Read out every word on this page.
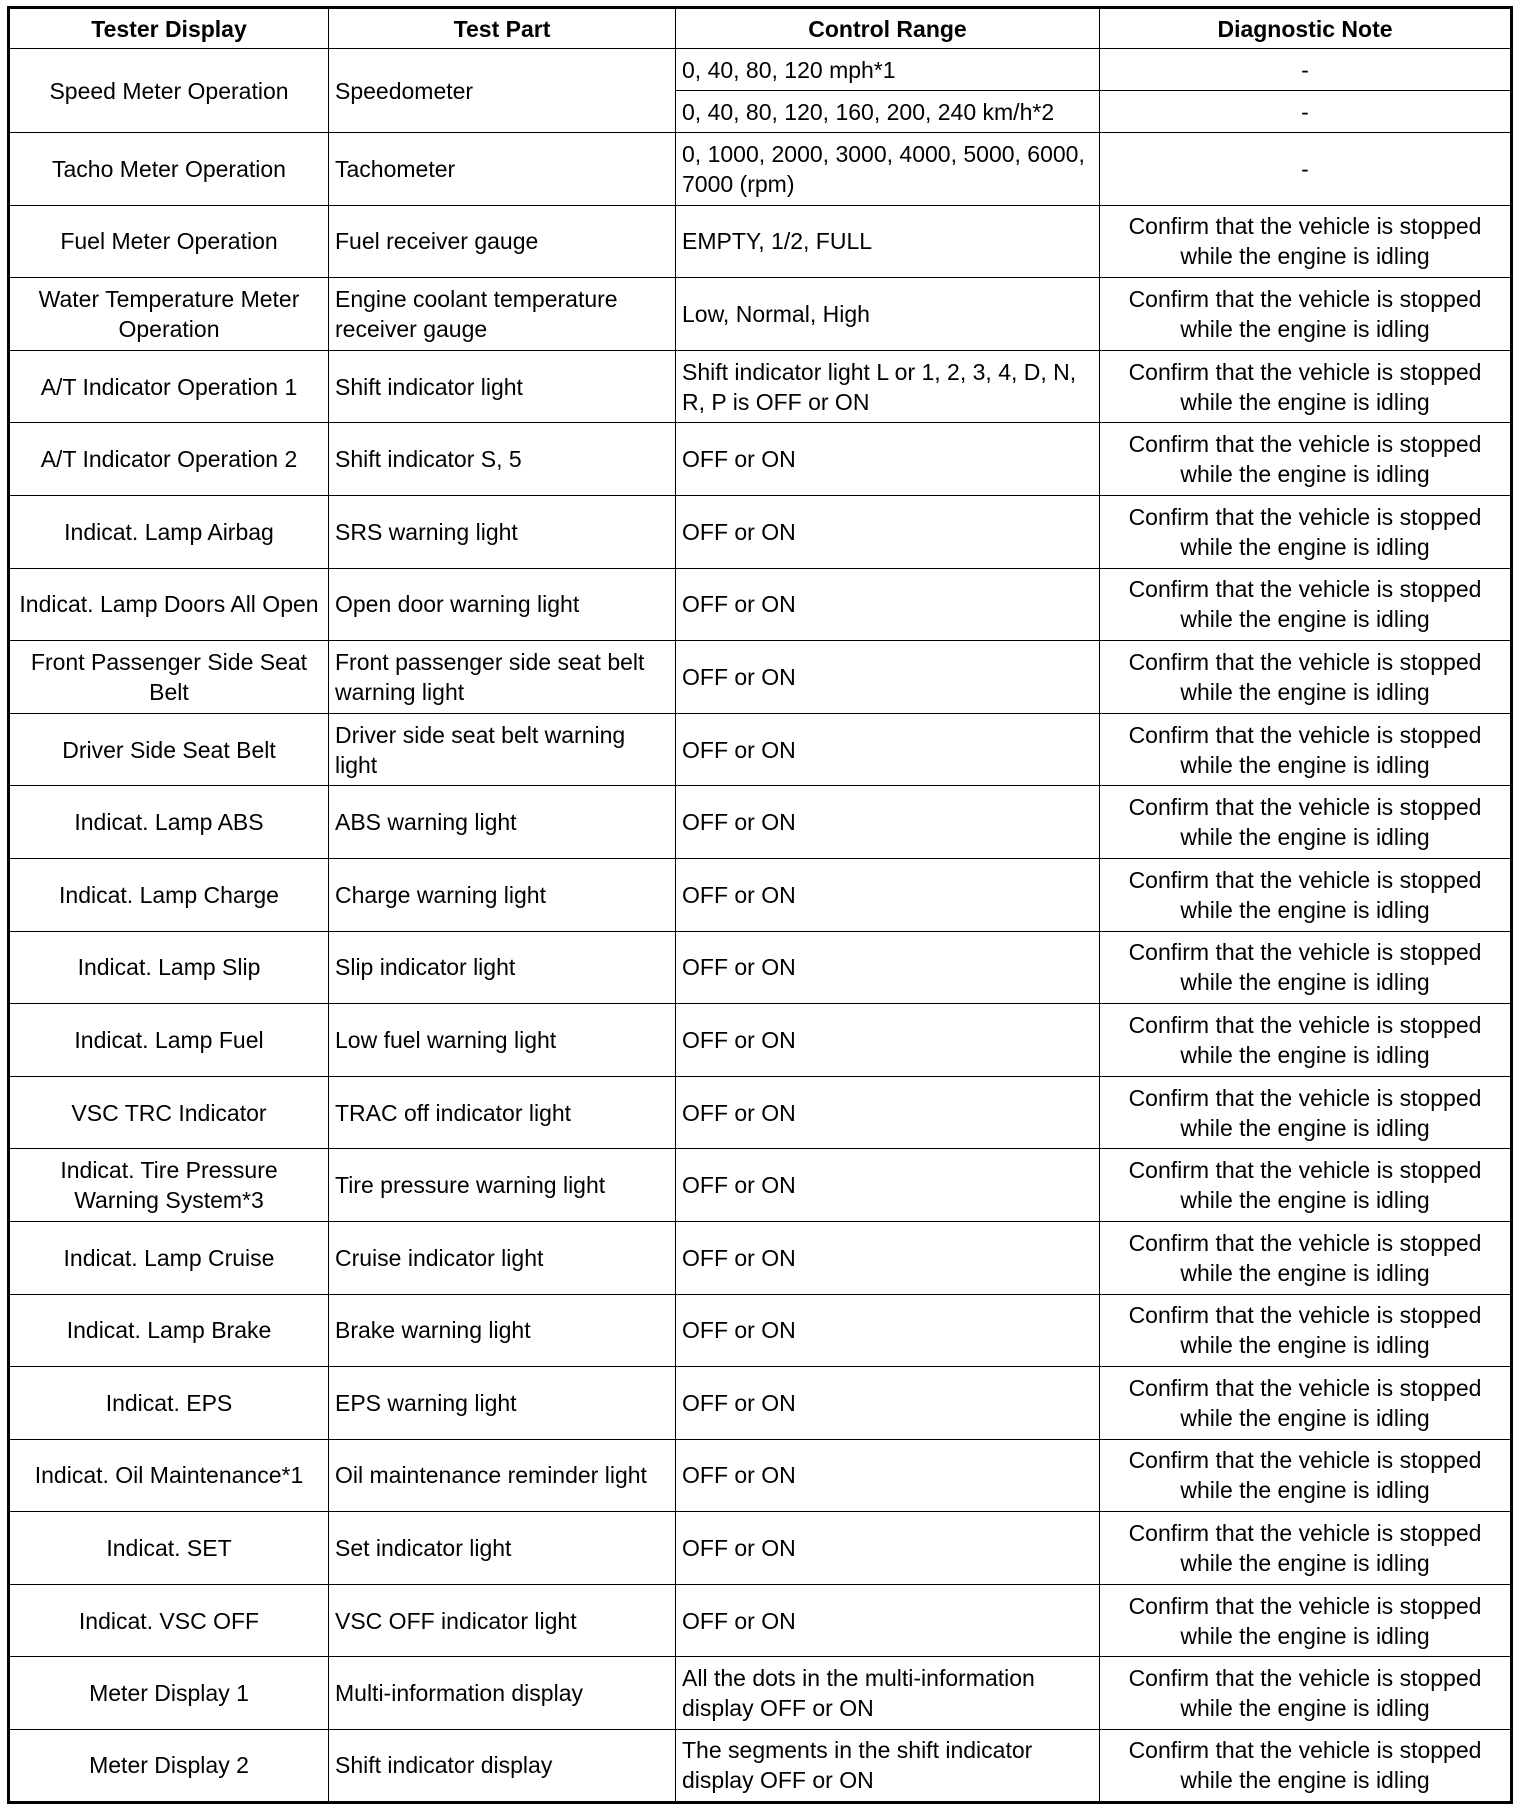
Tester Display	Test Part	Control Range	Diagnostic Note
Speed Meter Operation	Speedometer	0, 40, 80, 120 mph*1	-
		0, 40, 80, 120, 160, 200, 240 km/h*2	-
Tacho Meter Operation	Tachometer	0, 1000, 2000, 3000, 4000, 5000, 6000, 7000 (rpm)	-
Fuel Meter Operation	Fuel receiver gauge	EMPTY, 1/2, FULL	Confirm that the vehicle is stopped while the engine is idling
Water Temperature Meter Operation	Engine coolant temperature receiver gauge	Low, Normal, High	Confirm that the vehicle is stopped while the engine is idling
A/T Indicator Operation 1	Shift indicator light	Shift indicator light L or 1, 2, 3, 4, D, N, R, P is OFF or ON	Confirm that the vehicle is stopped while the engine is idling
A/T Indicator Operation 2	Shift indicator S, 5	OFF or ON	Confirm that the vehicle is stopped while the engine is idling
Indicat. Lamp Airbag	SRS warning light	OFF or ON	Confirm that the vehicle is stopped while the engine is idling
Indicat. Lamp Doors All Open	Open door warning light	OFF or ON	Confirm that the vehicle is stopped while the engine is idling
Front Passenger Side Seat Belt	Front passenger side seat belt warning light	OFF or ON	Confirm that the vehicle is stopped while the engine is idling
Driver Side Seat Belt	Driver side seat belt warning light	OFF or ON	Confirm that the vehicle is stopped while the engine is idling
Indicat. Lamp ABS	ABS warning light	OFF or ON	Confirm that the vehicle is stopped while the engine is idling
Indicat. Lamp Charge	Charge warning light	OFF or ON	Confirm that the vehicle is stopped while the engine is idling
Indicat. Lamp Slip	Slip indicator light	OFF or ON	Confirm that the vehicle is stopped while the engine is idling
Indicat. Lamp Fuel	Low fuel warning light	OFF or ON	Confirm that the vehicle is stopped while the engine is idling
VSC TRC Indicator	TRAC off indicator light	OFF or ON	Confirm that the vehicle is stopped while the engine is idling
Indicat. Tire Pressure Warning System*3	Tire pressure warning light	OFF or ON	Confirm that the vehicle is stopped while the engine is idling
Indicat. Lamp Cruise	Cruise indicator light	OFF or ON	Confirm that the vehicle is stopped while the engine is idling
Indicat. Lamp Brake	Brake warning light	OFF or ON	Confirm that the vehicle is stopped while the engine is idling
Indicat. EPS	EPS warning light	OFF or ON	Confirm that the vehicle is stopped while the engine is idling
Indicat. Oil Maintenance*1	Oil maintenance reminder light	OFF or ON	Confirm that the vehicle is stopped while the engine is idling
Indicat. SET	Set indicator light	OFF or ON	Confirm that the vehicle is stopped while the engine is idling
Indicat. VSC OFF	VSC OFF indicator light	OFF or ON	Confirm that the vehicle is stopped while the engine is idling
Meter Display 1	Multi-information display	All the dots in the multi-information display OFF or ON	Confirm that the vehicle is stopped while the engine is idling
Meter Display 2	Shift indicator display	The segments in the shift indicator display OFF or ON	Confirm that the vehicle is stopped while the engine is idling
